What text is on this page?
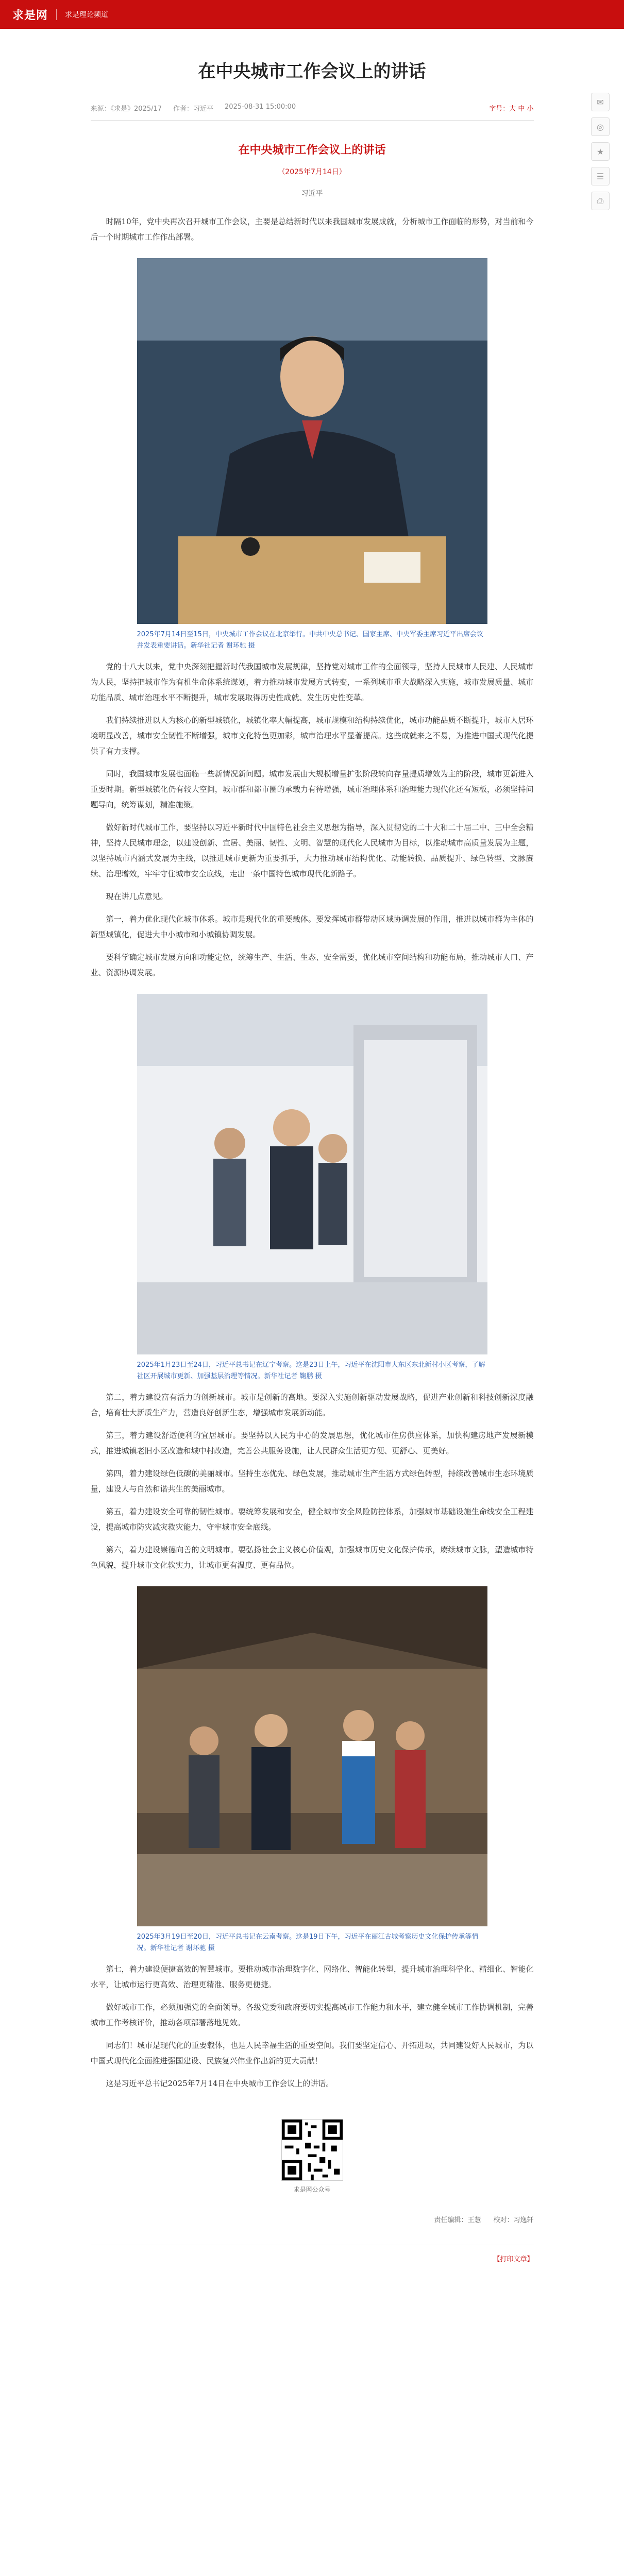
求是网 求是理论频道
✉
◎
★
☰
⎙
在中央城市工作会议上的讲话
来源：《求是》2025/17 作者：习近平 2025-08-31 15:00:00	字号：大 中 小
在中央城市工作会议上的讲话
（2025年7月14日）
习近平

时隔10年，党中央再次召开城市工作会议，主要是总结新时代以来我国城市发展成就，分析城市工作面临的形势，对当前和今后一个时期城市工作作出部署。

2025年7月14日至15日，中央城市工作会议在北京举行。中共中央总书记、国家主席、中央军委主席习近平出席会议并发表重要讲话。新华社记者 谢环驰 摄

党的十八大以来，党中央深刻把握新时代我国城市发展规律，坚持党对城市工作的全面领导，坚持人民城市人民建、人民城市为人民，坚持把城市作为有机生命体系统谋划，着力推动城市发展方式转变，一系列城市重大战略深入实施，城市发展质量、城市功能品质、城市治理水平不断提升，城市发展取得历史性成就、发生历史性变革。

我们持续推进以人为核心的新型城镇化，城镇化率大幅提高，城市规模和结构持续优化，城市功能品质不断提升，城市人居环境明显改善，城市安全韧性不断增强，城市文化特色更加彩，城市治理水平显著提高。这些成就来之不易，为推进中国式现代化提供了有力支撑。

同时，我国城市发展也面临一些新情况新问题。城市发展由大规模增量扩张阶段转向存量提质增效为主的阶段，城市更新进入重要时期。新型城镇化仍有较大空间，城市群和都市圈的承载力有待增强，城市治理体系和治理能力现代化还有短板，必须坚持问题导向，统筹谋划，精准施策。

做好新时代城市工作，要坚持以习近平新时代中国特色社会主义思想为指导，深入贯彻党的二十大和二十届二中、三中全会精神，坚持人民城市理念，以建设创新、宜居、美丽、韧性、文明、智慧的现代化人民城市为目标，以推动城市高质量发展为主题，以坚持城市内涵式发展为主线，以推进城市更新为重要抓手，大力推动城市结构优化、动能转换、品质提升、绿色转型、文脉赓续、治理增效，牢牢守住城市安全底线，走出一条中国特色城市现代化新路子。

现在讲几点意见。

第一，着力优化现代化城市体系。城市是现代化的重要载体。要发挥城市群带动区域协调发展的作用，推进以城市群为主体的新型城镇化，促进大中小城市和小城镇协调发展。

要科学确定城市发展方向和功能定位，统筹生产、生活、生态、安全需要，优化城市空间结构和功能布局，推动城市人口、产业、资源协调发展。

2025年1月23日至24日，习近平总书记在辽宁考察。这是23日上午，习近平在沈阳市大东区东北新村小区考察，了解社区开展城市更新、加强基层治理等情况。新华社记者 鞠鹏 摄

第二，着力建设富有活力的创新城市。城市是创新的高地。要深入实施创新驱动发展战略，促进产业创新和科技创新深度融合，培育壮大新质生产力，营造良好创新生态，增强城市发展新动能。

第三，着力建设舒适便利的宜居城市。要坚持以人民为中心的发展思想，优化城市住房供应体系，加快构建房地产发展新模式，推进城镇老旧小区改造和城中村改造，完善公共服务设施，让人民群众生活更方便、更舒心、更美好。

第四，着力建设绿色低碳的美丽城市。坚持生态优先、绿色发展，推动城市生产生活方式绿色转型，持续改善城市生态环境质量，建设人与自然和谐共生的美丽城市。

第五，着力建设安全可靠的韧性城市。要统筹发展和安全，健全城市安全风险防控体系，加强城市基础设施生命线安全工程建设，提高城市防灾减灾救灾能力，守牢城市安全底线。

第六，着力建设崇德向善的文明城市。要弘扬社会主义核心价值观，加强城市历史文化保护传承，赓续城市文脉，塑造城市特色风貌，提升城市文化软实力，让城市更有温度、更有品位。

2025年3月19日至20日，习近平总书记在云南考察。这是19日下午，习近平在丽江古城考察历史文化保护传承等情况。新华社记者 谢环驰 摄

第七，着力建设便捷高效的智慧城市。要推动城市治理数字化、网络化、智能化转型，提升城市治理科学化、精细化、智能化水平，让城市运行更高效、治理更精准、服务更便捷。

做好城市工作，必须加强党的全面领导。各级党委和政府要切实提高城市工作能力和水平，建立健全城市工作协调机制，完善城市工作考核评价，推动各项部署落地见效。

同志们！城市是现代化的重要载体，也是人民幸福生活的重要空间。我们要坚定信心、开拓进取，共同建设好人民城市，为以中国式现代化全面推进强国建设、民族复兴伟业作出新的更大贡献！

这是习近平总书记2025年7月14日在中央城市工作会议上的讲话。

求是网公众号
责任编辑：王慧 校对：习逸轩
【打印文章】
